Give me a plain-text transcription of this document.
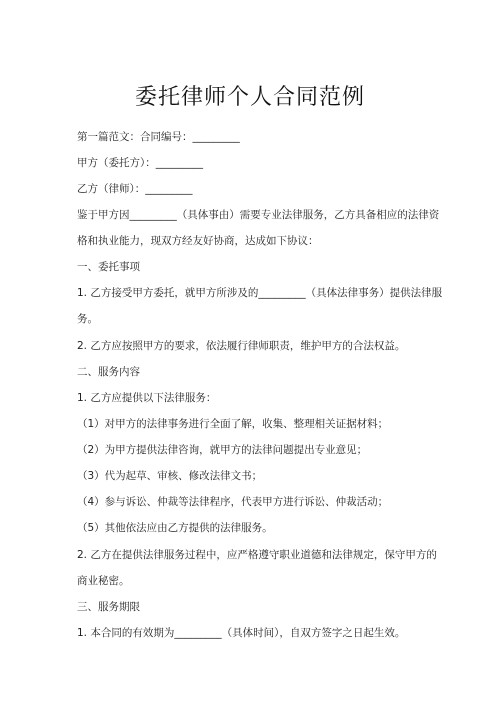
委托律师个人合同范例
第一篇范文：合同编号：_________
甲方（委托方）：_________
乙方（律师）：_________
鉴于甲方因_________（具体事由）需要专业法律服务，乙方具备相应的法律资
格和执业能力，现双方经友好协商，达成如下协议：
一、委托事项
1. 乙方接受甲方委托，就甲方所涉及的_________（具体法律事务）提供法律服
务。
2. 乙方应按照甲方的要求，依法履行律师职责，维护甲方的合法权益。
二、服务内容
1. 乙方应提供以下法律服务：
（1）对甲方的法律事务进行全面了解，收集、整理相关证据材料；
（2）为甲方提供法律咨询，就甲方的法律问题提出专业意见；
（3）代为起草、审核、修改法律文书；
（4）参与诉讼、仲裁等法律程序，代表甲方进行诉讼、仲裁活动；
（5）其他依法应由乙方提供的法律服务。
2. 乙方在提供法律服务过程中，应严格遵守职业道德和法律规定，保守甲方的
商业秘密。
三、服务期限
1. 本合同的有效期为_________（具体时间），自双方签字之日起生效。
